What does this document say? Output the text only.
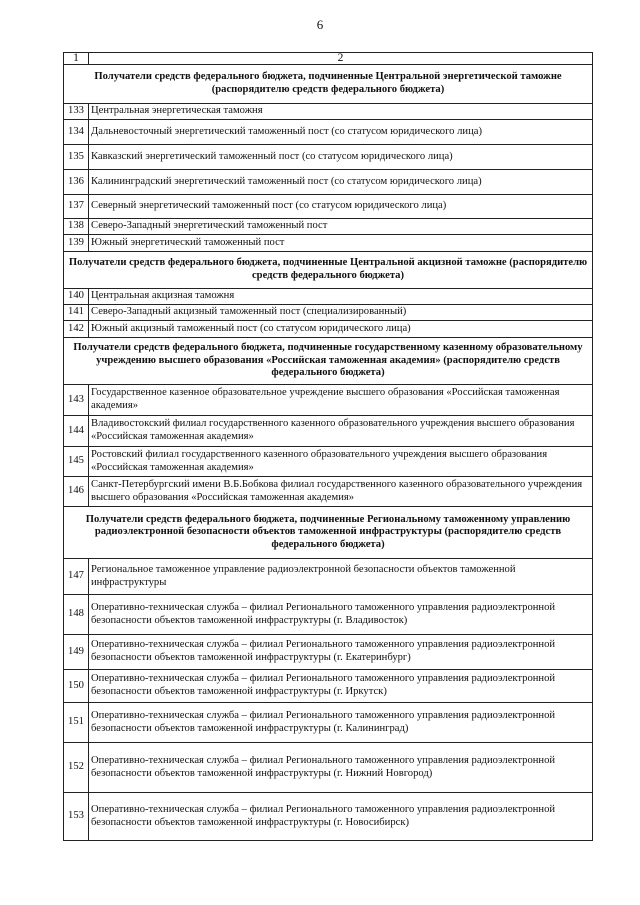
6
1	2
Получатели средств федерального бюджета, подчиненные Центральной энергетической таможне (распорядителю средств федерального бюджета)	
133	Центральная энергетическая таможня
134	Дальневосточный энергетический таможенный пост (со статусом юридического лица)
135	Кавказский энергетический таможенный пост (со статусом юридического лица)
136	Калининградский энергетический таможенный пост (со статусом юридического лица)
137	Северный энергетический таможенный пост (со статусом юридического лица)
138	Северо-Западный энергетический таможенный пост
139	Южный энергетический таможенный пост
Получатели средств федерального бюджета, подчиненные Центральной акцизной таможне (распорядителю средств федерального бюджета)	
140	Центральная акцизная таможня
141	Северо-Западный акцизный таможенный пост (специализированный)
142	Южный акцизный таможенный пост (со статусом юридического лица)
Получатели средств федерального бюджета, подчиненные государственному казенному образовательному учреждению высшего образования «Российская таможенная академия» (распорядителю средств федерального бюджета)	
143	Государственное казенное образовательное учреждение высшего образования «Российская таможенная академия»
144	Владивостокский филиал государственного казенного образовательного учреждения высшего образования «Российская таможенная академия»
145	Ростовский филиал государственного казенного образовательного учреждения высшего образования «Российская таможенная академия»
146	Санкт-Петербургский имени В.Б.Бобкова филиал государственного казенного образовательного учреждения высшего образования «Российская таможенная академия»
Получатели средств федерального бюджета, подчиненные Региональному таможенному управлению радиоэлектронной безопасности объектов таможенной инфраструктуры (распорядителю средств федерального бюджета)	
147	Региональное таможенное управление радиоэлектронной безопасности объектов таможенной инфраструктуры
148	Оперативно-техническая служба – филиал Регионального таможенного управления радиоэлектронной безопасности объектов таможенной инфраструктуры (г. Владивосток)
149	Оперативно-техническая служба – филиал Регионального таможенного управления радиоэлектронной безопасности объектов таможенной инфраструктуры (г. Екатеринбург)
150	Оперативно-техническая служба – филиал Регионального таможенного управления радиоэлектронной безопасности объектов таможенной инфраструктуры (г. Иркутск)
151	Оперативно-техническая служба – филиал Регионального таможенного управления радиоэлектронной безопасности объектов таможенной инфраструктуры (г. Калининград)
152	Оперативно-техническая служба – филиал Регионального таможенного управления радиоэлектронной безопасности объектов таможенной инфраструктуры (г. Нижний Новгород)
153	Оперативно-техническая служба – филиал Регионального таможенного управления радиоэлектронной безопасности объектов таможенной инфраструктуры (г. Новосибирск)
